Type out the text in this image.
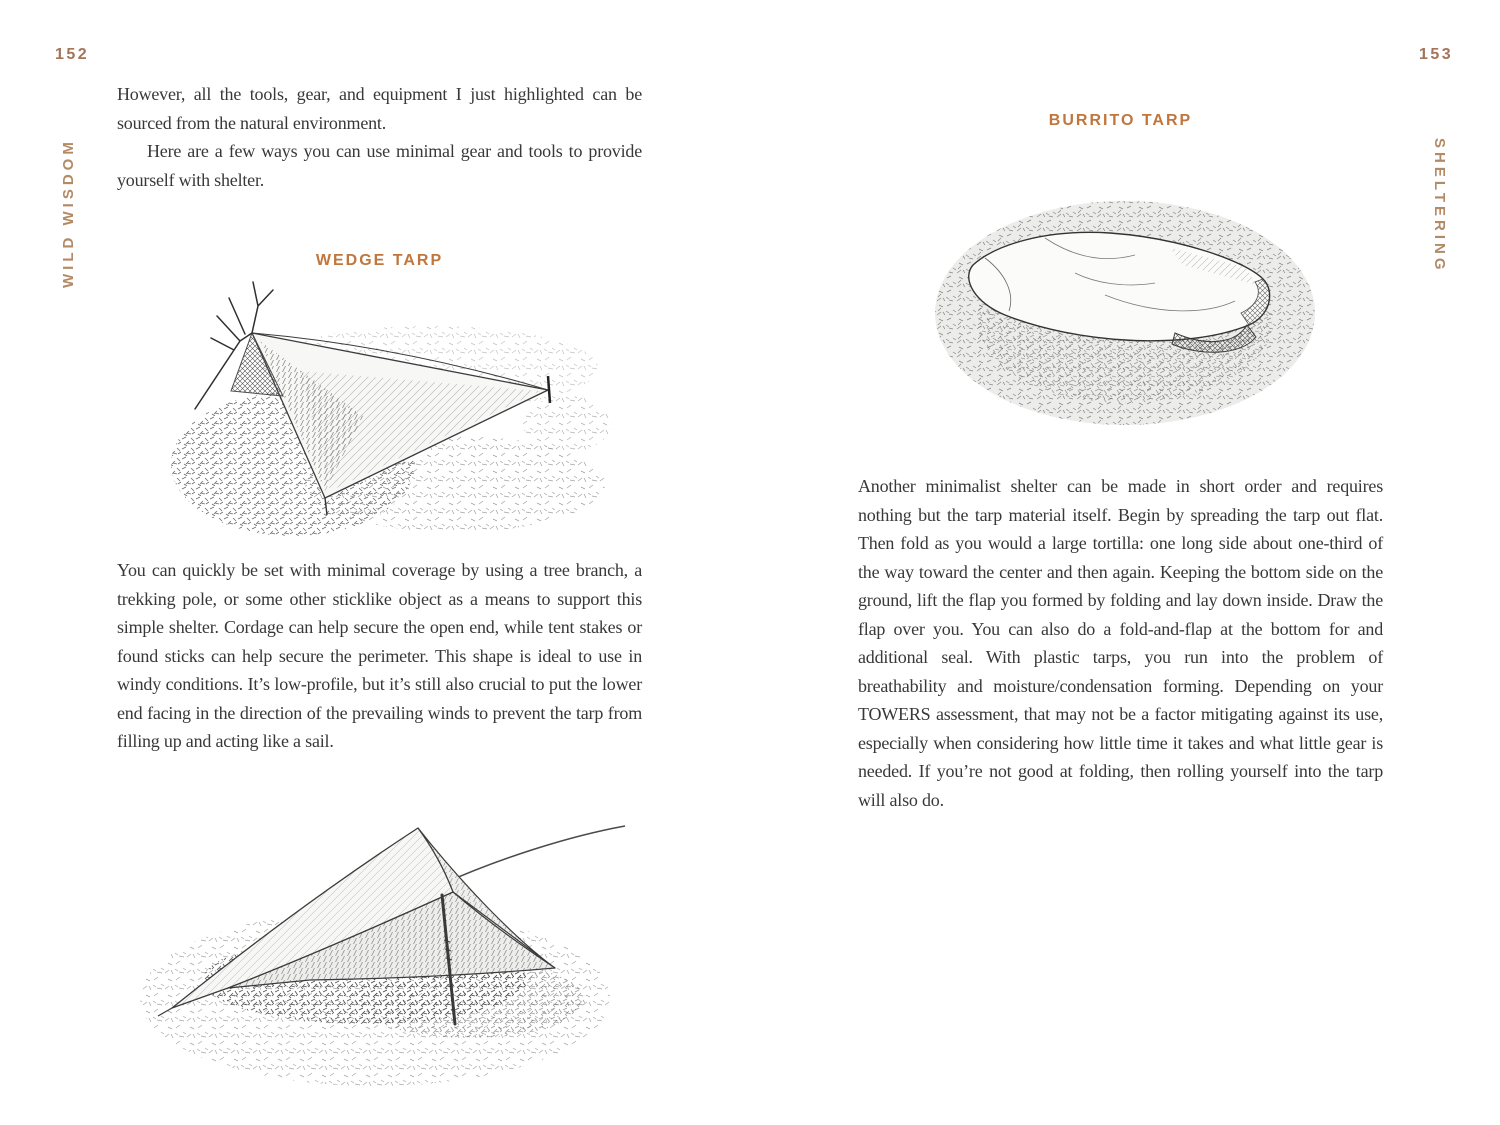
152
WILD WISDOM

However, all the tools, gear, and equipment I just highlighted can be sourced from the natural environment.

Here are a few ways you can use minimal gear and tools to provide yourself with shelter.

WEDGE TARP

You can quickly be set with minimal coverage by using a tree branch, a trekking pole, or some other sticklike object as a means to support this simple shelter. Cordage can help secure the open end, while tent stakes or found sticks can help secure the perimeter. This shape is ideal to use in windy conditions. It’s low-profile, but it’s still also crucial to put the lower end facing in the direction of the prevailing winds to prevent the tarp from filling up and acting like a sail.

153
SHELTERING
BURRITO TARP

Another minimalist shelter can be made in short order and requires nothing but the tarp material itself. Begin by spreading the tarp out flat. Then fold as you would a large tortilla: one long side about one-third of the way toward the center and then again. Keeping the bottom side on the ground, lift the flap you formed by folding and lay down inside. Draw the flap over you. You can also do a fold-and-flap at the bottom for and additional seal. With plastic tarps, you run into the problem of breathability and moisture/condensation forming. Depending on your TOWERS assessment, that may not be a factor mitigating against its use, especially when considering how little time it takes and what little gear is needed. If you’re not good at folding, then rolling yourself into the tarp will also do.
